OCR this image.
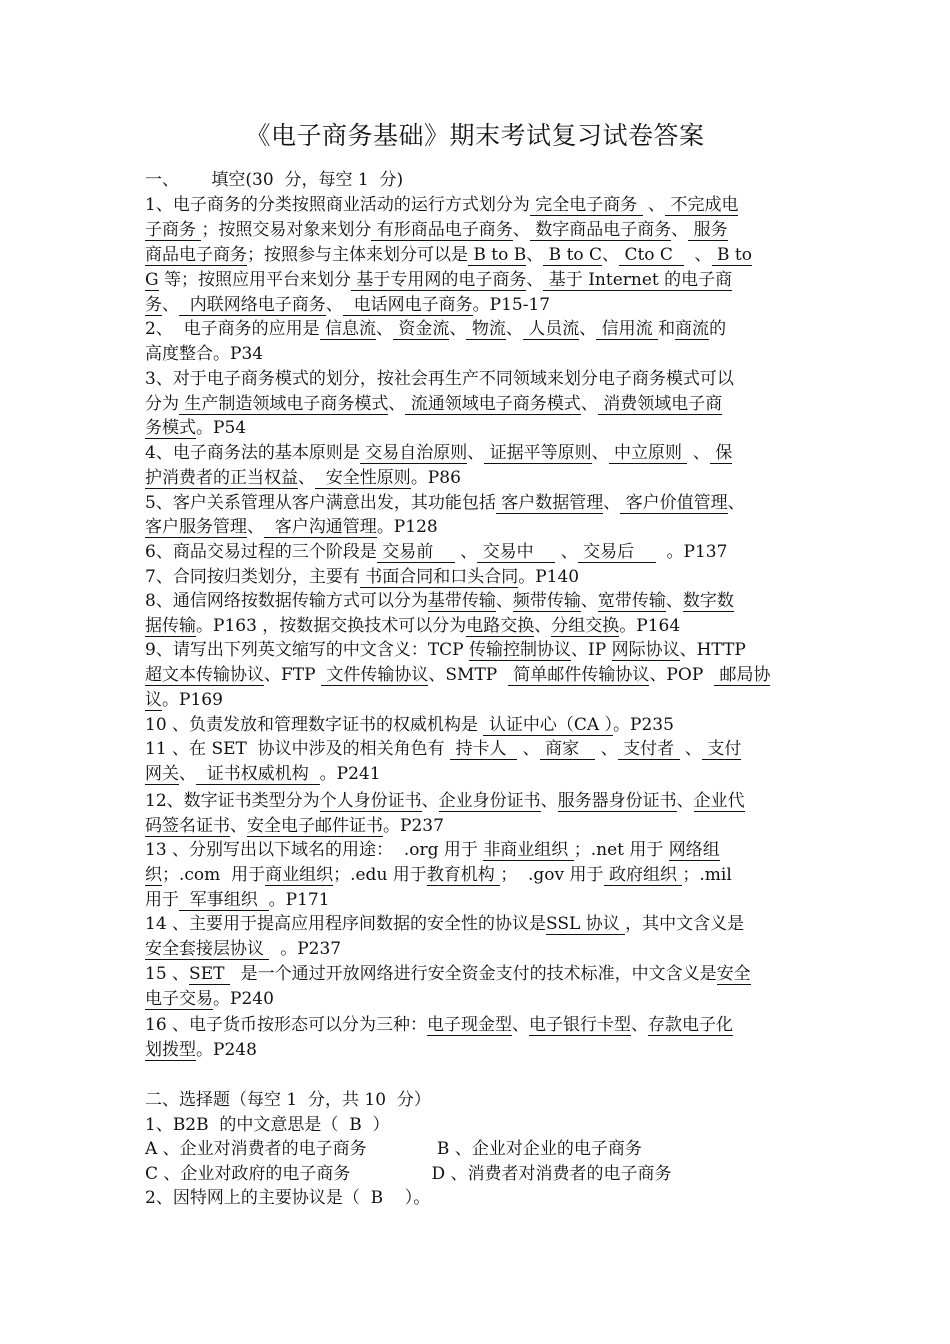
《电子商务基础》期末考试复习试卷答案
一、      填空(30  分，每空 1  分)
1、电子商务的分类按照商业活动的运行方式划分为 完全电子商务  、 不完成电
子商务 ；按照交易对象来划分 有形商品电子商务、 数字商品电子商务、 服务
商品电子商务；按照参与主体来划分可以是 B to B、 B to C、 Cto C    、 B to
G 等；按照应用平台来划分 基于专用网的电子商务、 基于 Internet 的电子商
务、  内联网络电子商务、  电话网电子商务。P15-17
2、  电子商务的应用是 信息流、 资金流、 物流、 人员流、 信用流 和商流的
高度整合。P34
3、对于电子商务模式的划分，按社会再生产不同领域来划分电子商务模式可以
分为 生产制造领域电子商务模式、 流通领域电子商务模式、 消费领域电子商
务模式。P54
4、电子商务法的基本原则是 交易自治原则、 证据平等原则、 中立原则  、 保
护消费者的正当权益、  安全性原则。P86
5、客户关系管理从客户满意出发，其功能包括 客户数据管理、 客户价值管理、
客户服务管理、  客户沟通管理。P128
6、商品交易过程的三个阶段是 交易前     、 交易中     、 交易后      。P137
7、合同按归类划分，主要有 书面合同和口头合同。P140
8、通信网络按数据传输方式可以分为基带传输、频带传输、宽带传输、数字数
据传输。P163 ，按数据交换技术可以分为电路交换、分组交换。P164
9、请写出下列英文缩写的中文含义：TCP 传输控制协议、IP 网际协议、HTTP
超文本传输协议、FTP  文件传输协议、SMTP   简单邮件传输协议、POP   邮局协
议。P169
10 、负责发放和管理数字证书的权威机构是  认证中心（CA ）。P235
11 、在 SET  协议中涉及的相关角色有  持卡人   、 商家    、 支付者  、 支付
网关、  证书权威机构  。P241
12、数字证书类型分为个人身份证书、企业身份证书、服务器身份证书、企业代
码签名证书、安全电子邮件证书。P237
13 、分别写出以下域名的用途：  .org 用于 非商业组织 ；.net 用于 网络组
织；.com  用于商业组织；.edu 用于教育机构 ；  .gov 用于 政府组织 ；.mil
用于  军事组织  。P171
14 、主要用于提高应用程序间数据的安全性的协议是SSL 协议 ，其中文含义是
安全套接层协议   。P237
15 、SET   是一个通过开放网络进行安全资金支付的技术标准，中文含义是安全
电子交易。P240
16 、电子货币按形态可以分为三种：电子现金型、电子银行卡型、存款电子化
划拨型。P248
二、选择题（每空 1  分，共 10  分）
1、B2B  的中文意思是（  B  ）
A 、企业对消费者的电子商务             B 、企业对企业的电子商务
C 、企业对政府的电子商务               D 、消费者对消费者的电子商务
2、因特网上的主要协议是（  B    ）。
